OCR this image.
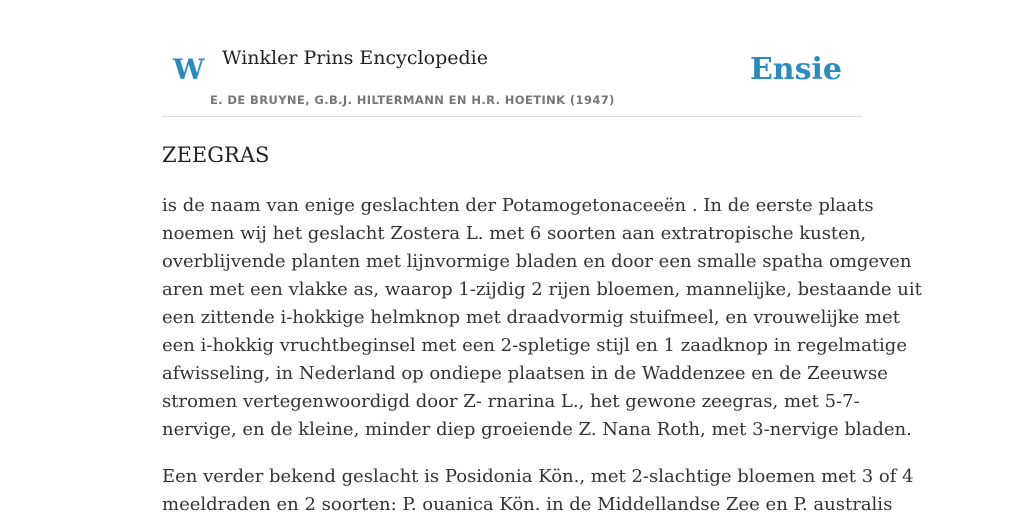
W Winkler Prins Encyclopedie
E. DE BRUYNE, G.B.J. HILTERMANN EN H.R. HOETINK (1947)
Ensie
ZEEGRAS

is de naam van enige geslachten der Potamogetonaceeën . In de eerste plaats
noemen wij het geslacht Zostera L. met 6 soorten aan extratropische kusten,
overblijvende planten met lijnvormige bladen en door een smalle spatha omgeven
aren met een vlakke as, waarop 1-zijdig 2 rijen bloemen, mannelijke, bestaande uit
een zittende i-hokkige helmknop met draadvormig stuifmeel, en vrouwelijke met
een i-hokkig vruchtbeginsel met een 2-spletige stijl en 1 zaadknop in regelmatige
afwisseling, in Nederland op ondiepe plaatsen in de Waddenzee en de Zeeuwse
stromen vertegenwoordigd door Z- rnarina L., het gewone zeegras, met 5-7-
nervige, en de kleine, minder diep groeiende Z. Nana Roth, met 3-nervige bladen.

Een verder bekend geslacht is Posidonia Kön., met 2-slachtige bloemen met 3 of 4
meeldraden en 2 soorten: P. ouanica Kön. in de Middellandse Zee en P. australis
